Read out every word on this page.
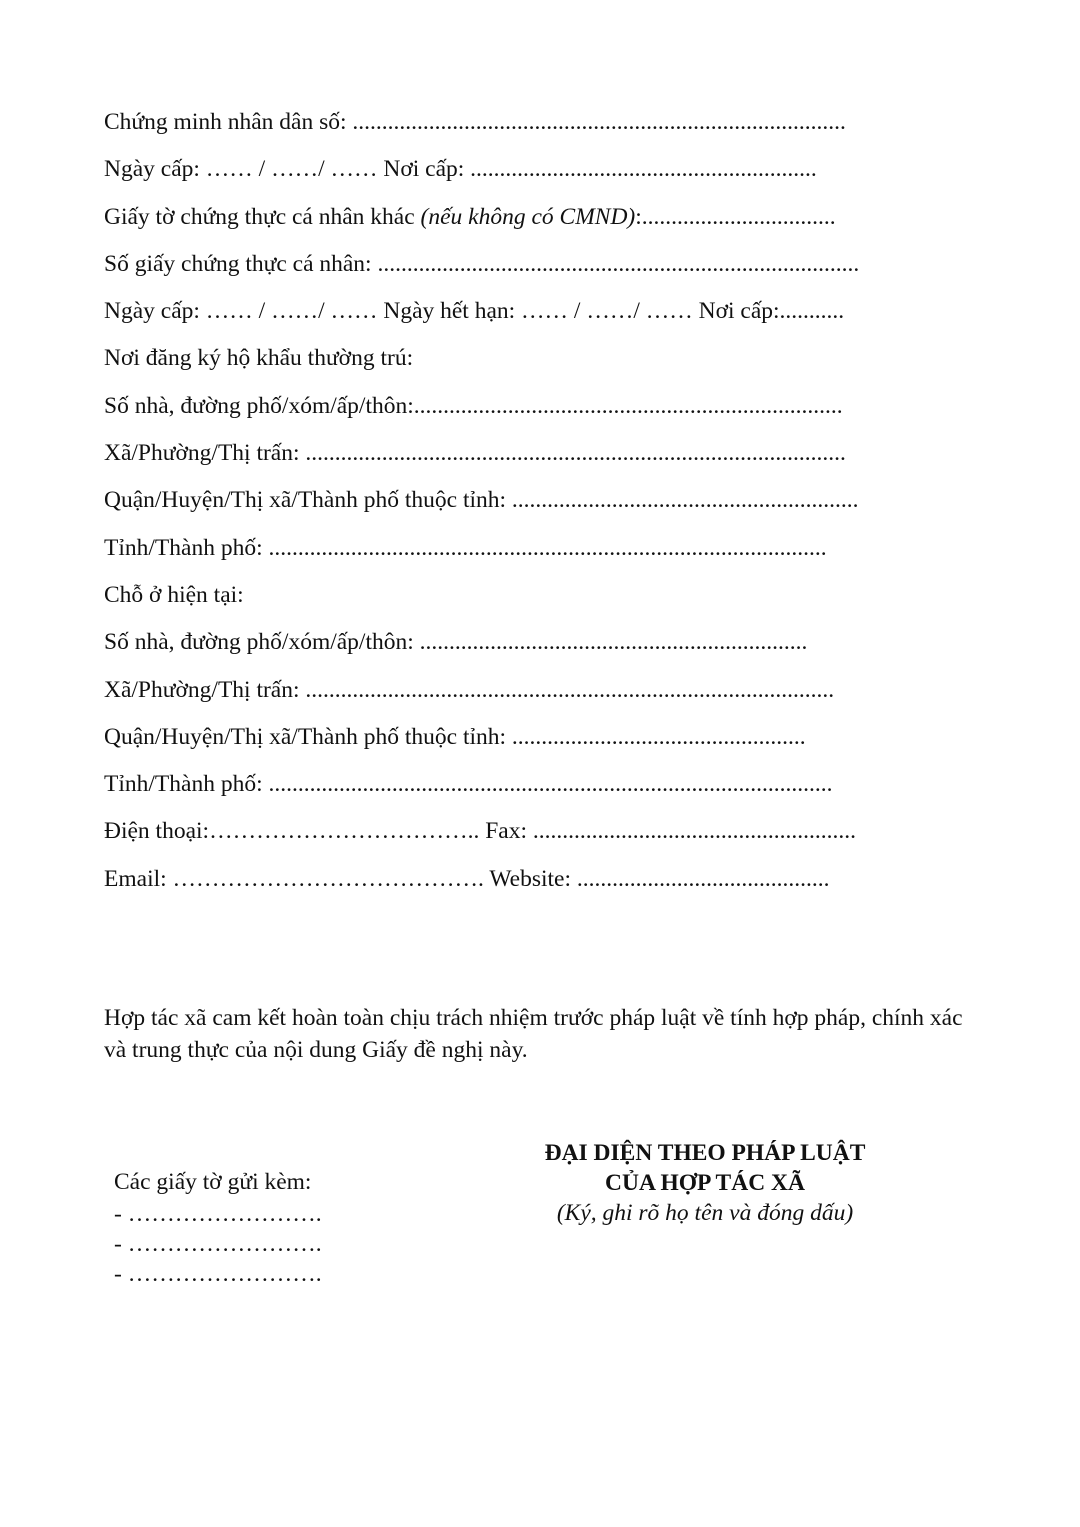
Chứng minh nhân dân số: ....................................................................................
Ngày cấp: …… / ……/ …… Nơi cấp: ...........................................................
Giấy tờ chứng thực cá nhân khác (nếu không có CMND):.................................
Số giấy chứng thực cá nhân: ..................................................................................
Ngày cấp: …… / ……/ …… Ngày hết hạn: …… / ……/ …… Nơi cấp:...........
Nơi đăng ký hộ khẩu thường trú:
Số nhà, đường phố/xóm/ấp/thôn:.........................................................................
Xã/Phường/Thị trấn: ............................................................................................
Quận/Huyện/Thị xã/Thành phố thuộc tỉnh: ...........................................................
Tỉnh/Thành phố: ...............................................................................................
Chỗ ở hiện tại:
Số nhà, đường phố/xóm/ấp/thôn: ..................................................................
Xã/Phường/Thị trấn: ..........................................................................................
Quận/Huyện/Thị xã/Thành phố thuộc tỉnh: ..................................................
Tỉnh/Thành phố: ................................................................................................
Điện thoại:…………………………….. Fax: .......................................................
Email: …………………………………. Website: ...........................................
Hợp tác xã cam kết hoàn toàn chịu trách nhiệm trước pháp luật về tính hợp pháp, chính xác và trung thực của nội dung Giấy đề nghị này.
Các giấy tờ gửi kèm:
- …………………….
- …………………….
- …………………….
ĐẠI DIỆN THEO PHÁP LUẬT
CỦA HỢP TÁC XÃ
(Ký, ghi rõ họ tên và đóng dấu)
